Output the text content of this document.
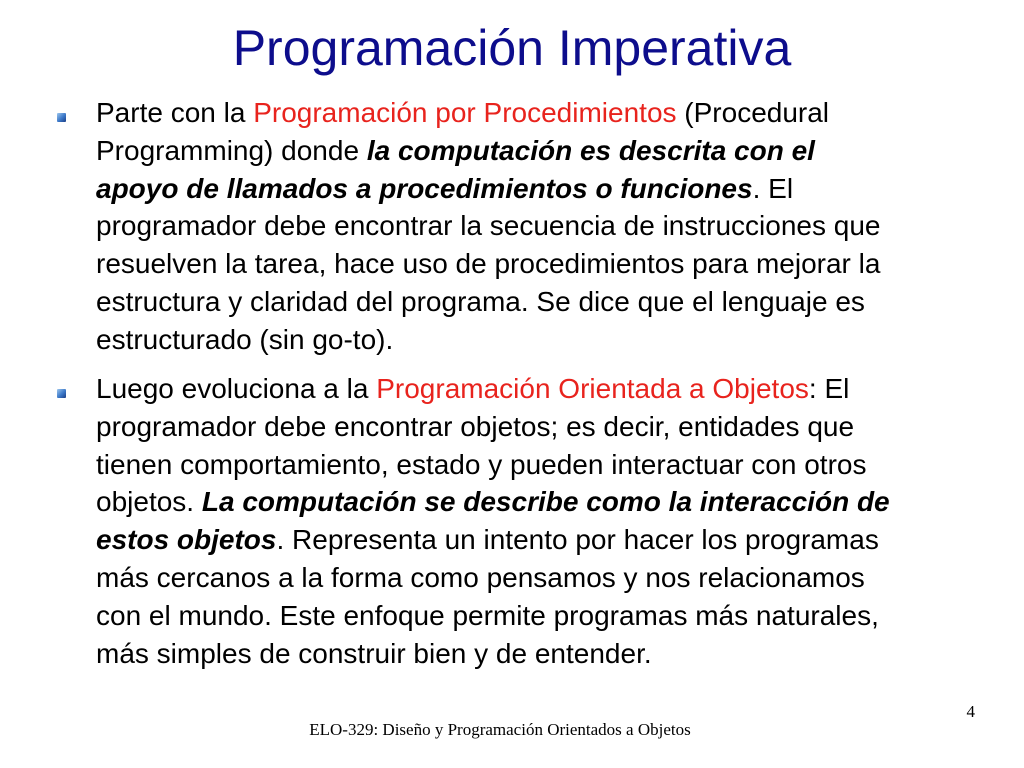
Programación Imperativa
Parte con la Programación por Procedimientos (Procedural
Programming) donde la computación es descrita con el
apoyo de llamados a procedimientos o funciones. El
programador debe encontrar la secuencia de instrucciones que
resuelven la tarea, hace uso de procedimientos para mejorar la
estructura y claridad del programa. Se dice que el lenguaje es
estructurado (sin go-to).
Luego evoluciona a la Programación Orientada a Objetos: El
programador debe encontrar objetos; es decir, entidades que
tienen comportamiento, estado y pueden interactuar con otros
objetos. La computación se describe como la interacción de
estos objetos. Representa un intento por hacer los programas
más cercanos a la forma como pensamos y nos relacionamos
con el mundo. Este enfoque permite programas más naturales,
más simples de construir bien y de entender.
4
ELO-329: Diseño y Programación Orientados a Objetos
